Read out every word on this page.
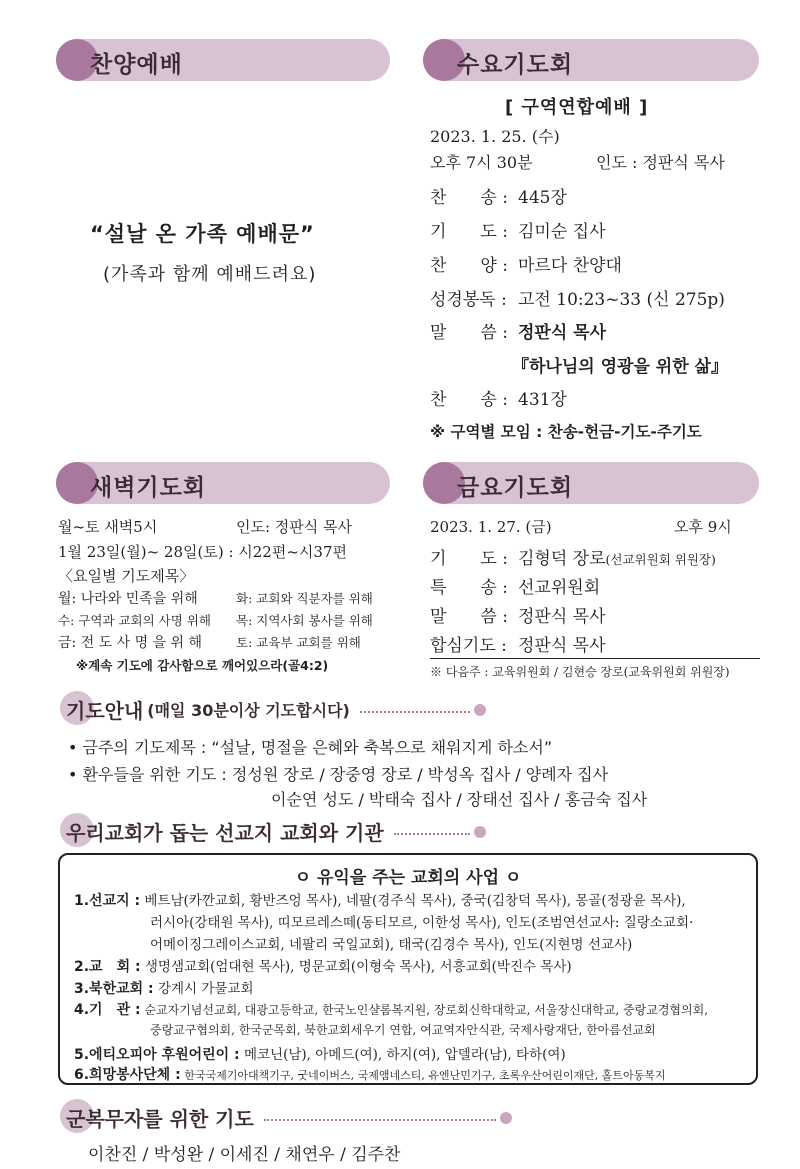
찬양예배	수요기도회
새벽기도회	금요기도회
“설날 온 가족 예배문”
(가족과 함께 예배드려요)
[ 구역연합예배 ]
2023. 1. 25. (수)
오후 7시 30분	인도 : 정판식 목사
찬　　송 : 445장
기　　도 : 김미순 집사
찬　　양 : 마르다 찬양대
성경봉독 : 고전 10:23~33 (신 275p)
말　　씀 : 정판식 목사
『하나님의 영광을 위한 삶』
찬　　송 : 431장
※ 구역별 모임 : 찬송-헌금-기도-주기도
월~토 새벽5시	인도: 정판식 목사
1월 23일(월)~ 28일(토) : 시22편~시37편
〈요일별 기도제목〉
월: 나라와 민족을 위해	화: 교회와 직분자를 위해
수: 구역과 교회의 사명 위해 목: 지역사회 봉사를 위해
금: 전 도 사 명 을 위 해	토: 교육부 교회를 위해
※계속 기도에 감사함으로 깨어있으라(골4:2)
2023. 1. 27. (금)	오후 9시
기　　도 : 김형덕 장로(선교위원회 위원장)
특　　송 : 선교위원회
말　　씀 : 정판식 목사
합심기도 : 정판식 목사
※ 다음주 : 교육위원회 / 김현승 장로(교육위원회 위원장)
기도안내 (매일 30분이상 기도합시다)
• 금주의 기도제목 : “설날, 명절을 은혜와 축복으로 채워지게 하소서”
• 환우들을 위한 기도 : 정성원 장로 / 장중영 장로 / 박성옥 집사 / 양례자 집사
이순연 성도 / 박태숙 집사 / 장태선 집사 / 홍금숙 집사
우리교회가 돕는 선교지 교회와 기관
ㅇ 유익을 주는 교회의 사업 ㅇ
1.선교지 : 베트남(카깐교회, 황반즈엉 목사), 네팔(경주식 목사), 중국(김창덕 목사), 몽골(정광윤 목사),
러시아(강태원 목사), 띠모르레스떼(동티모르, 이한성 목사), 인도(조범연선교사: 질랑소교회·
어메이징그레이스교회, 네팔리 국일교회), 태국(김경수 목사), 인도(지현명 선교사)
2.교　회 : 생명샘교회(엄대현 목사), 명문교회(이형숙 목사), 서흥교회(박진수 목사)
3.북한교회 : 강계시 가물교회
4.기　관 : 순교자기념선교회, 대광고등학교, 한국노인샬롬복지원, 장로회신학대학교, 서울장신대학교, 중랑교경협의회,
중랑교구협의회, 한국군목회, 북한교회세우기 연합, 여교역자안식관, 국제사랑재단, 한아름선교회
5.에티오피아 후원어린이 : 메코닌(남), 아메드(여), 하지(여), 압델라(남), 타하(여)
6.희망봉사단체 : 한국국제기아대책기구, 굿네이버스, 국제앰네스티, 유엔난민기구, 초록우산어린이재단, 홀트아동복지
군복무자를 위한 기도
이찬진 / 박성완 / 이세진 / 채연우 / 김주찬
